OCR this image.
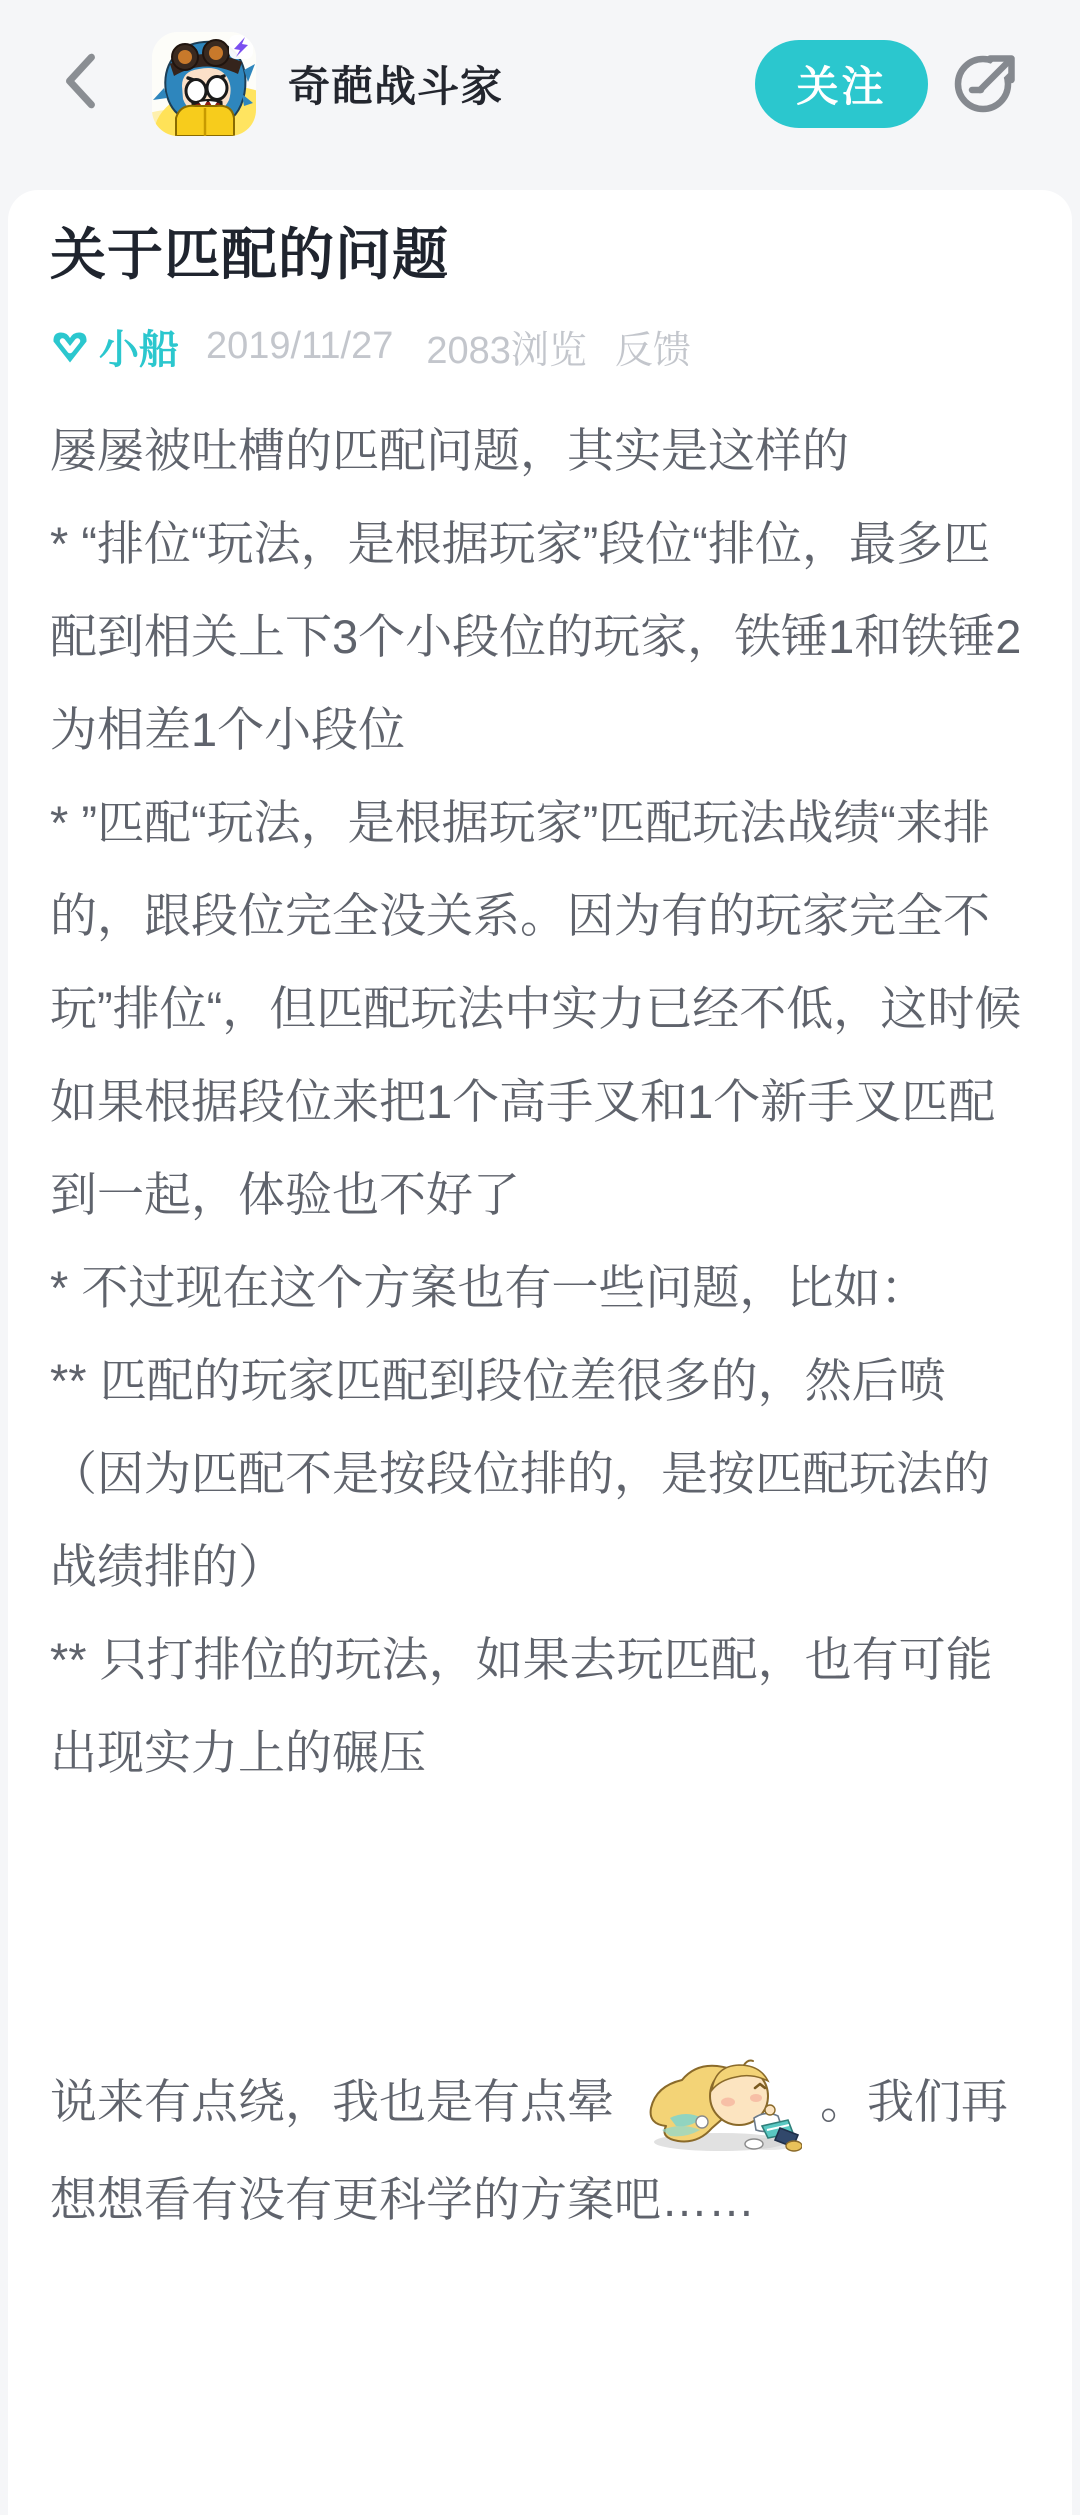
奇葩战斗家	关注
关于匹配的问题
小船 2019/11/27 2083浏览 反馈

屡屡被吐槽的匹配问题，其实是这样的

* “排位“玩法，是根据玩家”段位“排位，最多匹配到相关上下3个小段位的玩家，铁锤1和铁锤2为相差1个小段位

* ”匹配“玩法，是根据玩家”匹配玩法战绩“来排的，跟段位完全没关系。因为有的玩家完全不玩”排位“，但匹配玩法中实力已经不低，这时候如果根据段位来把1个高手叉和1个新手叉匹配到一起，体验也不好了

* 不过现在这个方案也有一些问题，比如：

** 匹配的玩家匹配到段位差很多的，然后喷（因为匹配不是按段位排的，是按匹配玩法的战绩排的）

** 只打排位的玩法，如果去玩匹配，也有可能出现实力上的碾压

说来有点绕，我也是有点晕	。我们再想想看有没有更科学的方案吧……
